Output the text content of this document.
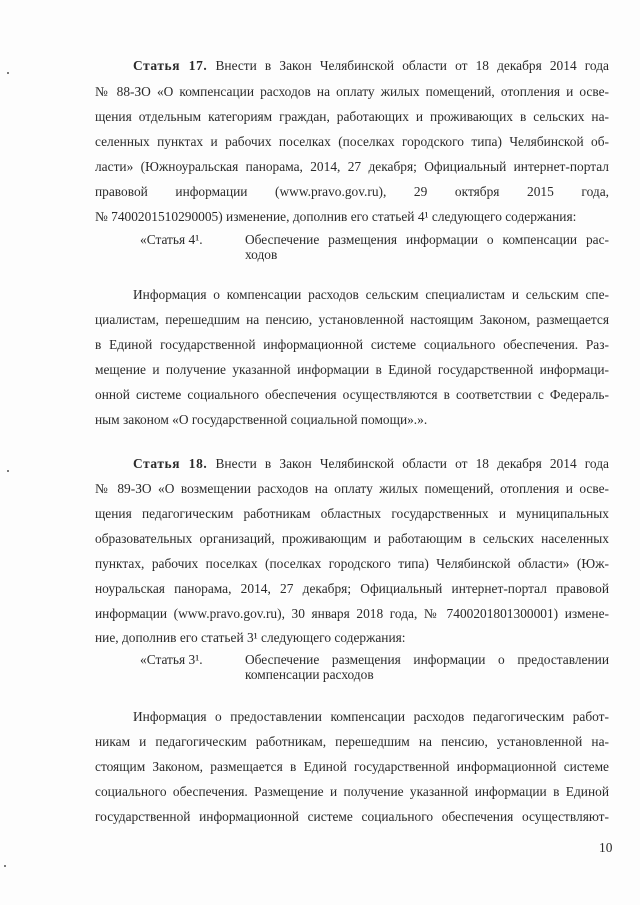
Статья 17. Внести в Закон Челябинской области от 18 декабря 2014 года
№ 88-ЗО «О компенсации расходов на оплату жилых помещений, отопления и осве-
щения отдельным категориям граждан, работающих и проживающих в сельских на-
селенных пунктах и рабочих поселках (поселках городского типа) Челябинской об-
ласти» (Южноуральская панорама, 2014, 27 декабря; Официальный интернет-портал
правовой информации (www.pravo.gov.ru), 29 октября 2015 года,
№ 7400201510290005) изменение, дополнив его статьей 4¹ следующего содержания:
«Статья 4¹.	Обеспечение размещения информации о компенсации рас-
ходов
Информация о компенсации расходов сельским специалистам и сельским спе-
циалистам, перешедшим на пенсию, установленной настоящим Законом, размещается
в Единой государственной информационной системе социального обеспечения. Раз-
мещение и получение указанной информации в Единой государственной информаци-
онной системе социального обеспечения осуществляются в соответствии с Федераль-
ным законом «О государственной социальной помощи».».
Статья 18. Внести в Закон Челябинской области от 18 декабря 2014 года
№ 89-ЗО «О возмещении расходов на оплату жилых помещений, отопления и осве-
щения педагогическим работникам областных государственных и муниципальных
образовательных организаций, проживающим и работающим в сельских населенных
пунктах, рабочих поселках (поселках городского типа) Челябинской области» (Юж-
ноуральская панорама, 2014, 27 декабря; Официальный интернет-портал правовой
информации (www.pravo.gov.ru), 30 января 2018 года, № 7400201801300001) измене-
ние, дополнив его статьей 3¹ следующего содержания:
«Статья 3¹.	Обеспечение размещения информации о предоставлении
компенсации расходов
Информация о предоставлении компенсации расходов педагогическим работ-
никам и педагогическим работникам, перешедшим на пенсию, установленной на-
стоящим Законом, размещается в Единой государственной информационной системе
социального обеспечения. Размещение и получение указанной информации в Единой
государственной информационной системе социального обеспечения осуществляют-
10
